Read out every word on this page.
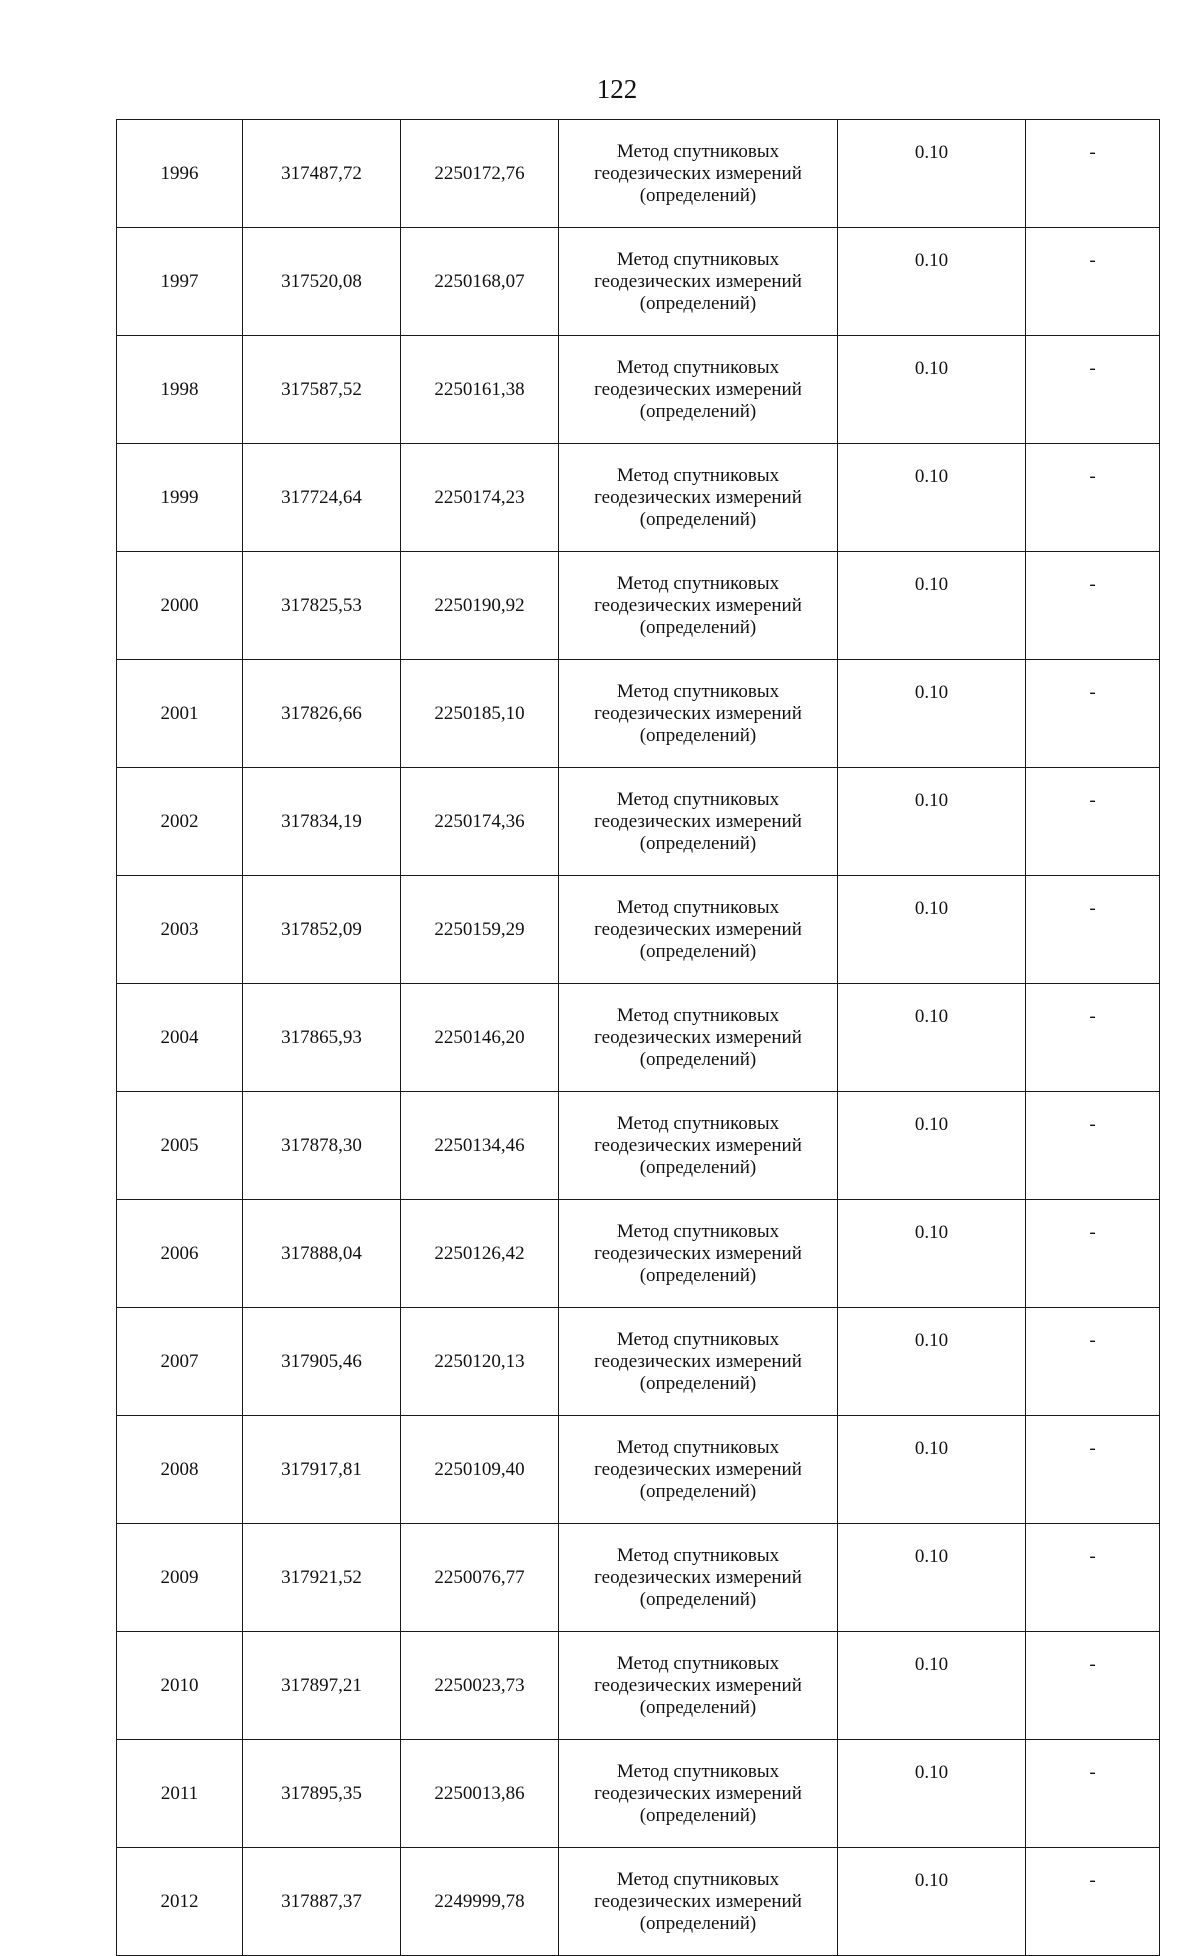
122
1996	317487,72	2250172,76	Метод спутниковых
геодезических измерений
(определений)	0.10	-
1997	317520,08	2250168,07	Метод спутниковых
геодезических измерений
(определений)	0.10	-
1998	317587,52	2250161,38	Метод спутниковых
геодезических измерений
(определений)	0.10	-
1999	317724,64	2250174,23	Метод спутниковых
геодезических измерений
(определений)	0.10	-
2000	317825,53	2250190,92	Метод спутниковых
геодезических измерений
(определений)	0.10	-
2001	317826,66	2250185,10	Метод спутниковых
геодезических измерений
(определений)	0.10	-
2002	317834,19	2250174,36	Метод спутниковых
геодезических измерений
(определений)	0.10	-
2003	317852,09	2250159,29	Метод спутниковых
геодезических измерений
(определений)	0.10	-
2004	317865,93	2250146,20	Метод спутниковых
геодезических измерений
(определений)	0.10	-
2005	317878,30	2250134,46	Метод спутниковых
геодезических измерений
(определений)	0.10	-
2006	317888,04	2250126,42	Метод спутниковых
геодезических измерений
(определений)	0.10	-
2007	317905,46	2250120,13	Метод спутниковых
геодезических измерений
(определений)	0.10	-
2008	317917,81	2250109,40	Метод спутниковых
геодезических измерений
(определений)	0.10	-
2009	317921,52	2250076,77	Метод спутниковых
геодезических измерений
(определений)	0.10	-
2010	317897,21	2250023,73	Метод спутниковых
геодезических измерений
(определений)	0.10	-
2011	317895,35	2250013,86	Метод спутниковых
геодезических измерений
(определений)	0.10	-
2012	317887,37	2249999,78	Метод спутниковых
геодезических измерений
(определений)	0.10	-
